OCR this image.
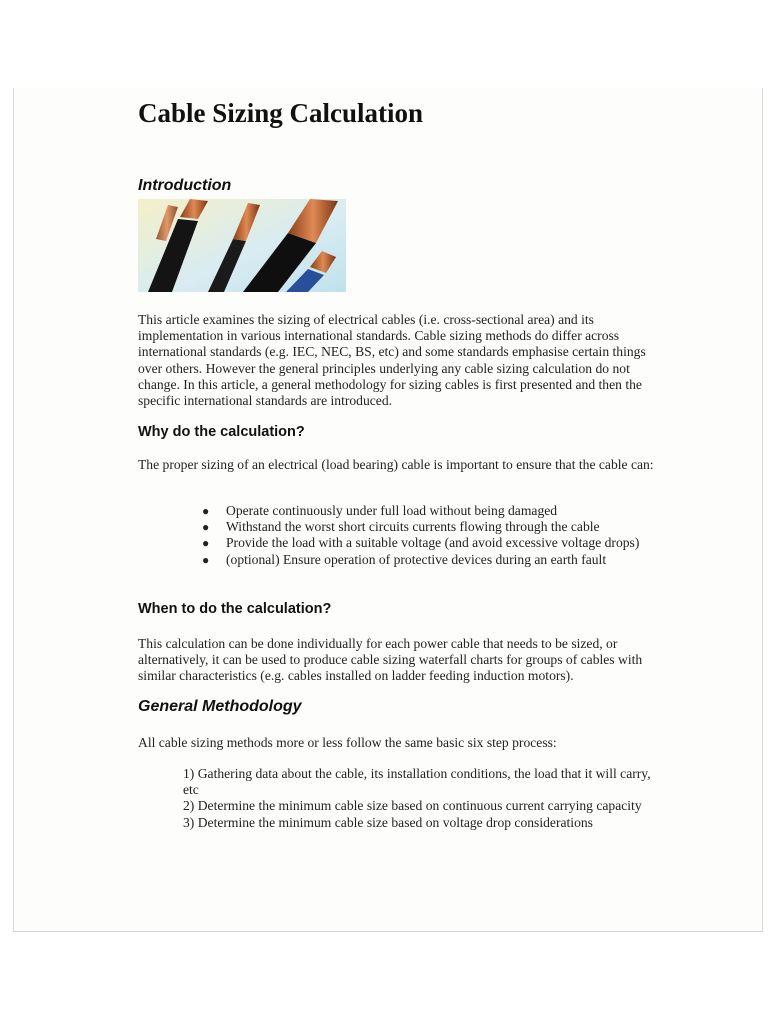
Cable Sizing Calculation
Introduction

This article examines the sizing of electrical cables (i.e. cross-sectional area) and its implementation in various international standards. Cable sizing methods do differ across international standards (e.g. IEC, NEC, BS, etc) and some standards emphasise certain things over others. However the general principles underlying any cable sizing calculation do not change. In this article, a general methodology for sizing cables is first presented and then the specific international standards are introduced.

Why do the calculation?

The proper sizing of an electrical (load bearing) cable is important to ensure that the cable can:

● Operate continuously under full load without being damaged
● Withstand the worst short circuits currents flowing through the cable
● Provide the load with a suitable voltage (and avoid excessive voltage drops)
● (optional) Ensure operation of protective devices during an earth fault
When to do the calculation?

This calculation can be done individually for each power cable that needs to be sized, or alternatively, it can be used to produce cable sizing waterfall charts for groups of cables with similar characteristics (e.g. cables installed on ladder feeding induction motors).

General Methodology

All cable sizing methods more or less follow the same basic six step process:

1) Gathering data about the cable, its installation conditions, the load that it will carry, etc
2) Determine the minimum cable size based on continuous current carrying capacity
3) Determine the minimum cable size based on voltage drop considerations
